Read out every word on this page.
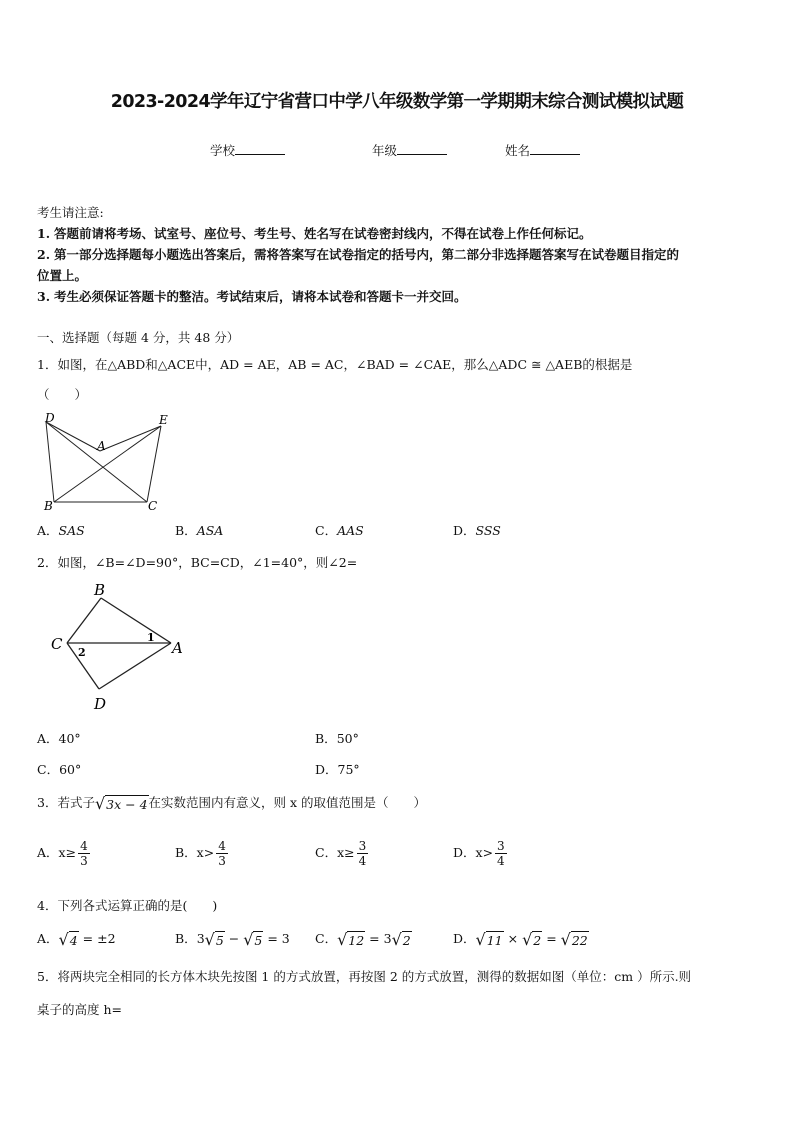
2023-2024学年辽宁省营口中学八年级数学第一学期期末综合测试模拟试题
学校	年级	姓名
考生请注意:
1. 答题前请将考场、试室号、座位号、考生号、姓名写在试卷密封线内，不得在试卷上作任何标记。
2. 第一部分选择题每小题选出答案后，需将答案写在试卷指定的括号内，第二部分非选择题答案写在试卷题目指定的
位置上。
3. 考生必须保证答题卡的整洁。考试结束后，请将本试卷和答题卡一并交回。
一、选择题（每题 4 分，共 48 分）
1．如图，在△ABD和△ACE中，AD = AE，AB = AC，∠BAD = ∠CAE，那么△ADC ≅ △AEB的根据是
（　　）
D	E
A
B	C
A．SAS	B．ASA	C．AAS	D．SSS
2．如图，∠B=∠D=90°，BC=CD，∠1=40°，则∠2=
B
C	A
D
1
2
A．40°	B．50°
C．60°	D．75°
3．若式子 √ 3x − 4 在实数范围内有意义，则 x 的取值范围是（　　）
A．$x\ge \frac{4}{3}$	B．$x> \frac{4}{3}$	C．$x\ge \frac{3}{4}$	D．$x> \frac{3}{4}$
4．下列各式运算正确的是(　　)
A． √ 4 = ±2	B．3 √ 5 − √ 5 = 3 C． √ 12 = 3 √ 2	D． √ 11 × √ 2 = √ 22
5．将两块完全相同的长方体木块先按图 1 的方式放置，再按图 2 的方式放置，测得的数据如图（单位：cm ）所示.则
桌子的高度 h=
